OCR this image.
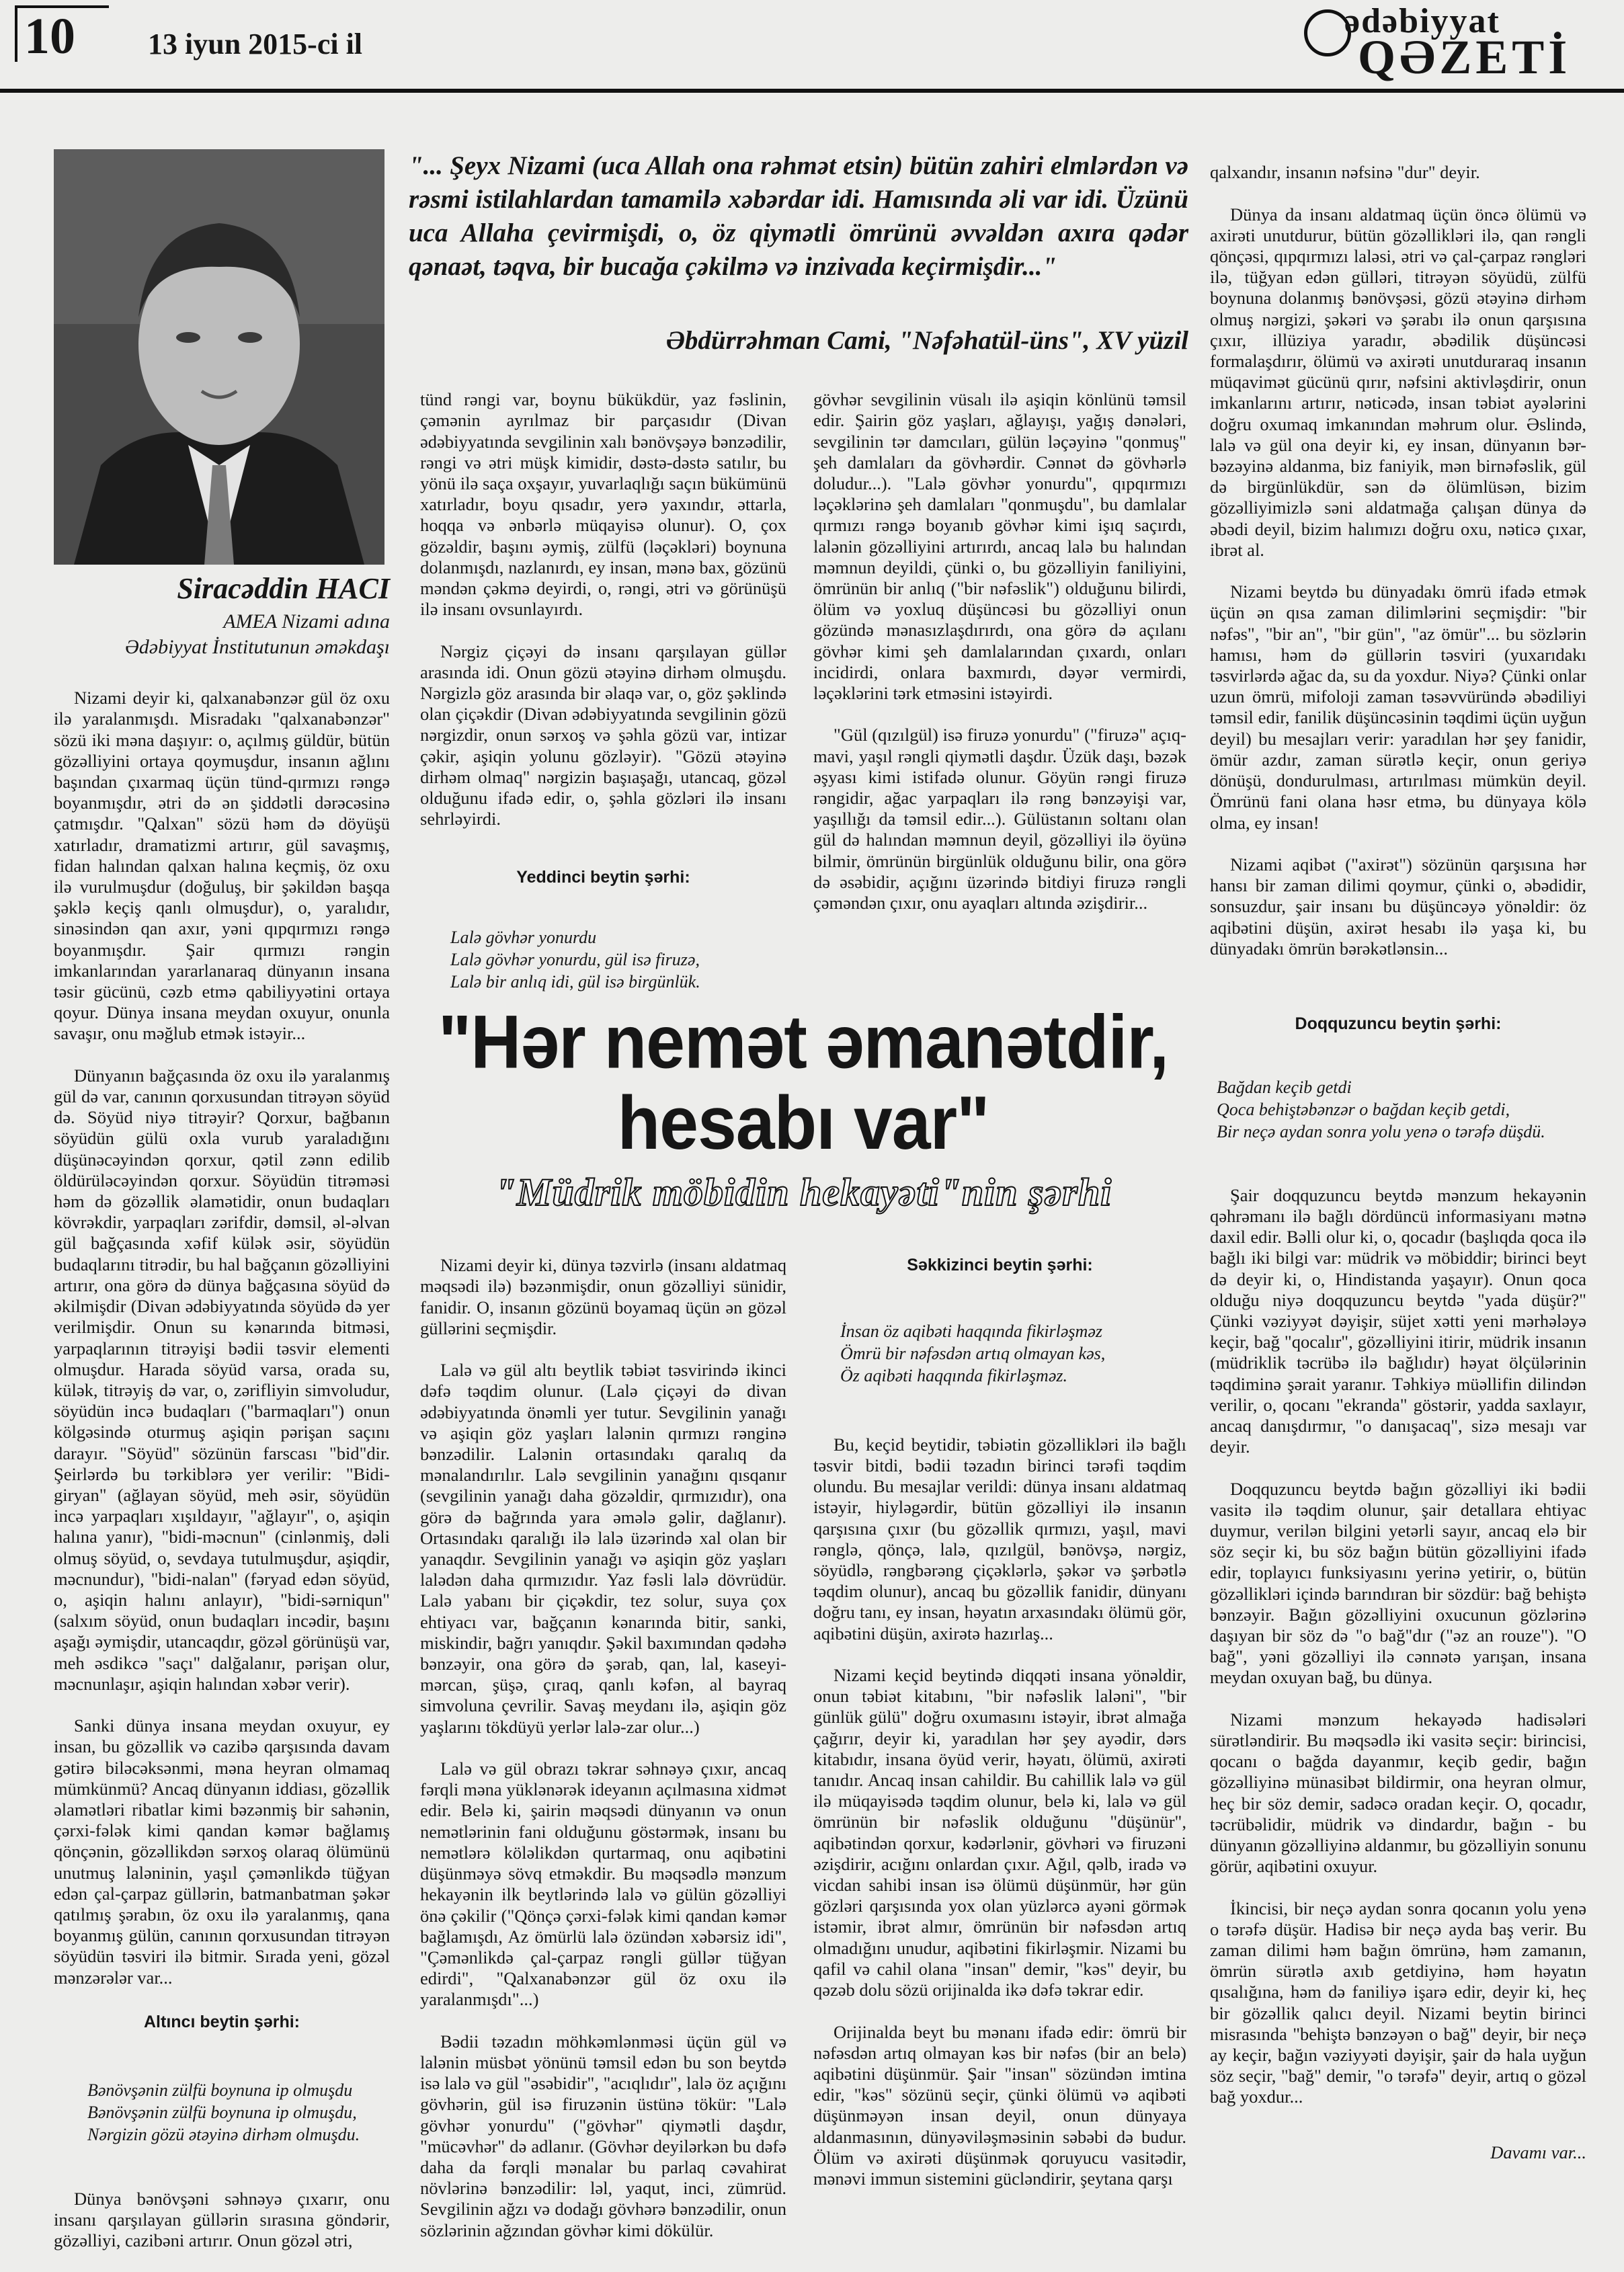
10	13 iyun 2015-ci il
ədəbiyyat
QƏZETİ
Siracəddin HACI
AMEA Nizami adına
Ədəbiyyat İnstitutunun əməkdaşı
"... Şeyx Nizami (uca Allah ona rəhmət etsin) bütün zahiri elmlərdən və rəsmi istilahlardan tamamilə xəbərdar idi. Hamısında əli var idi. Üzünü uca Allaha çevirmişdi, o, öz qiymətli ömrünü əvvəldən axıra qədər qənaət, təqva, bir bucağa çəkilmə və inzivada keçirmişdir..."
Əbdürrəhman Cami, "Nəfəhatül-üns", XV yüzil

Nizami deyir ki, qalxanabənzər gül öz oxu ilə yaralanmışdı. Misradakı "qalxanabənzər" sözü iki məna daşıyır: o, açılmış güldür, bütün gözəlliyini ortaya qoymuşdur, insanın ağlını başından çıxarmaq üçün tünd-qırmızı rəngə boyanmışdır, ətri də ən şiddətli dərəcəsinə çatmışdır. "Qalxan" sözü həm də döyüşü xatırladır, dramatizmi artırır, gül savaşmış, fidan halından qalxan halına keçmiş, öz oxu ilə vurulmuşdur (doğuluş, bir şəkildən başqa şəklə keçiş qanlı olmuşdur), o, yaralıdır, sinəsindən qan axır, yəni qıpqırmızı rəngə boyanmışdır. Şair qırmızı rəngin imkanlarından yararlanaraq dünyanın insana təsir gücünü, cəzb etmə qabiliyyətini ortaya qoyur. Dünya insana meydan oxuyur, onunla savaşır, onu məğlub etmək istəyir...

Dünyanın bağçasında öz oxu ilə yaralanmış gül də var, canının qorxusundan titrəyən söyüd də. Söyüd niyə titrəyir? Qorxur, bağbanın söyüdün gülü oxla vurub yaraladığını düşünəcəyindən qorxur, qətil zənn edilib öldürüləcəyindən qorxur. Söyüdün titrəməsi həm də gözəllik əlamətidir, onun budaqları kövrəkdir, yarpaqları zərifdir, dəmsil, əl-əlvan gül bağçasında xəfif külək əsir, söyüdün budaqlarını titrədir, bu hal bağçanın gözəlliyini artırır, ona görə də dünya bağçasına söyüd də əkilmişdir (Divan ədəbiyyatında söyüdə də yer verilmişdir. Onun su kənarında bitməsi, yarpaqlarının titrəyişi bədii təsvir elementi olmuşdur. Harada söyüd varsa, orada su, külək, titrəyiş də var, o, zərifliyin simvoludur, söyüdün incə budaqları ("barmaqları") onun kölgəsində oturmuş aşiqin pərişan saçını darayır. "Söyüd" sözünün farscası "bid"dir. Şeirlərdə bu tərkiblərə yer verilir: "Bidi-giryan" (ağlayan söyüd, meh əsir, söyüdün incə yarpaqları xışıldayır, "ağlayır", o, aşiqin halına yanır), "bidi-məcnun" (cinlənmiş, dəli olmuş söyüd, o, sevdaya tutulmuşdur, aşiqdir, məcnundur), "bidi-nalan" (fəryad edən söyüd, o, aşiqin halını anlayır), "bidi-sərniqun" (salxım söyüd, onun budaqları incədir, başını aşağı əymişdir, utancaqdır, gözəl görünüşü var, meh əsdikcə "saçı" dalğalanır, pərişan olur, məcnunlaşır, aşiqin halından xəbər verir).

Sanki dünya insana meydan oxuyur, ey insan, bu gözəllik və cazibə qarşısında davam gətirə biləcəksənmi, məna heyran olmamaq mümkünmü? Ancaq dünyanın iddiası, gözəllik əlamətləri ribatlar kimi bəzənmiş bir sahənin, çərxi-fələk kimi qandan kəmər bağlamış qönçənin, gözəllikdən sərxoş olaraq ölümünü unutmuş laləninin, yaşıl çəmənlikdə tüğyan edən çal-çarpaz güllərin, batmanbatman şəkər qatılmış şərabın, öz oxu ilə yaralanmış, qana boyanmış gülün, canının qorxusundan titrəyən söyüdün təsviri ilə bitmir. Sırada yeni, gözəl mənzərələr var...

Altıncı beytin şərhi:

Bənövşənin zülfü boynuna ip olmuşdu
Bənövşənin zülfü boynuna ip olmuşdu,
Nərgizin gözü ətəyinə dirhəm olmuşdu.

Dünya bənövşəni səhnəyə çıxarır, onu insanı qarşılayan güllərin sırasına göndərir, gözəlliyi, cazibəni artırır. Onun gözəl ətri,

tünd rəngi var, boynu bükükdür, yaz fəslinin, çəmənin ayrılmaz bir parçasıdır (Divan ədəbiyyatında sevgilinin xalı bənövşəyə bənzədilir, rəngi və ətri müşk kimidir, dəstə-dəstə satılır, bu yönü ilə saça oxşayır, yuvarlaqlığı saçın bükümünü xatırladır, boyu qısadır, yerə yaxındır, əttarla, hoqqa və ənbərlə müqayisə olunur). O, çox gözəldir, başını əymiş, zülfü (ləçəkləri) boynuna dolanmışdı, nazlanırdı, ey insan, mənə bax, gözünü məndən çəkmə deyirdi, o, rəngi, ətri və görünüşü ilə insanı ovsunlayırdı.

Nərgiz çiçəyi də insanı qarşılayan güllər arasında idi. Onun gözü ətəyinə dirhəm olmuşdu. Nərgizlə göz arasında bir əlaqə var, o, göz şəklində olan çiçəkdir (Divan ədəbiyyatında sevgilinin gözü nərgizdir, onun sərxoş və şəhla gözü var, intizar çəkir, aşiqin yolunu gözləyir). "Gözü ətəyinə dirhəm olmaq" nərgizin başıaşağı, utancaq, gözəl olduğunu ifadə edir, o, şəhla gözləri ilə insanı sehrləyirdi.

Yeddinci beytin şərhi:

Lalə gövhər yonurdu
Lalə gövhər yonurdu, gül isə firuzə,
Lalə bir anlıq idi, gül isə birgünlük.

gövhər sevgilinin vüsalı ilə aşiqin könlünü təmsil edir. Şairin göz yaşları, ağlayışı, yağış dənələri, sevgilinin tər damcıları, gülün ləçəyinə "qonmuş" şeh damlaları da gövhərdir. Cənnət də gövhərlə doludur...). "Lalə gövhər yonurdu", qıpqırmızı ləçəklərinə şeh damlaları "qonmuşdu", bu damlalar qırmızı rəngə boyanıb gövhər kimi işıq saçırdı, lalənin gözəlliyini artırırdı, ancaq lalə bu halından məmnun deyildi, çünki o, bu gözəlliyin faniliyini, ömrünün bir anlıq ("bir nəfəslik") olduğunu bilirdi, ölüm və yoxluq düşüncəsi bu gözəlliyi onun gözündə mənasızlaşdırırdı, ona görə də açılanı gövhər kimi şeh damlalarından çıxardı, onları incidirdi, onlara baxmırdı, dəyər vermirdi, ləçəklərini tərk etməsini istəyirdi.

"Gül (qızılgül) isə firuzə yonurdu" ("firuzə" açıq-mavi, yaşıl rəngli qiymətli daşdır. Üzük daşı, bəzək əşyası kimi istifadə olunur. Göyün rəngi firuzə rəngidir, ağac yarpaqları ilə rəng bənzəyişi var, yaşıllığı da təmsil edir...). Gülüstanın soltanı olan gül də halından məmnun deyil, gözəlliyi ilə öyünə bilmir, ömrünün birgünlük olduğunu bilir, ona görə də əsəbidir, açığını üzərində bitdiyi firuzə rəngli çəməndən çıxır, onu ayaqları altında əzişdirir...

"Hər nemət əmanətdir, hesabı var"
"Müdrik möbidin hekayəti"nin şərhi

Nizami deyir ki, dünya təzvirlə (insanı aldatmaq məqsədi ilə) bəzənmişdir, onun gözəlliyi sünidir, fanidir. O, insanın gözünü boyamaq üçün ən gözəl güllərini seçmişdir.

Lalə və gül altı beytlik təbiət təsvirində ikinci dəfə təqdim olunur. (Lalə çiçəyi də divan ədəbiyyatında önəmli yer tutur. Sevgilinin yanağı və aşiqin göz yaşları lalənin qırmızı rənginə bənzədilir. Lalənin ortasındakı qaralıq da mənalandırılır. Lalə sevgilinin yanağını qısqanır (sevgilinin yanağı daha gözəldir, qırmızıdır), ona görə də bağrında yara əmələ gəlir, dağlanır). Ortasındakı qaralığı ilə lalə üzərində xal olan bir yanaqdır. Sevgilinin yanağı və aşiqin göz yaşları lalədən daha qırmızıdır. Yaz fəsli lalə dövrüdür. Lalə yabanı bir çiçəkdir, tez solur, suya çox ehtiyacı var, bağçanın kənarında bitir, sanki, miskindir, bağrı yanıqdır. Şəkil baxımından qədəhə bənzəyir, ona görə də şərab, qan, lal, kaseyi-mərcan, şüşə, çıraq, qanlı kəfən, al bayraq simvoluna çevrilir. Savaş meydanı ilə, aşiqin göz yaşlarını tökdüyü yerlər lalə-zar olur...)

Lalə və gül obrazı təkrar səhnəyə çıxır, ancaq fərqli məna yüklənərək ideyanın açılmasına xidmət edir. Belə ki, şairin məqsədi dünyanın və onun nemətlərinin fani olduğunu göstərmək, insanı bu nemətlərə köləlikdən qurtarmaq, onu aqibətini düşünməyə sövq etməkdir. Bu məqsədlə mənzum hekayənin ilk beytlərində lalə və gülün gözəlliyi önə çəkilir ("Qönçə çərxi-fələk kimi qandan kəmər bağlamışdı, Az ömürlü lalə özündən xəbərsiz idi", "Çəmənlikdə çal-çarpaz rəngli güllər tüğyan edirdi", "Qalxanabənzər gül öz oxu ilə yaralanmışdı"...)

Bədii təzadın möhkəmlənməsi üçün gül və lalənin müsbət yönünü təmsil edən bu son beytdə isə lalə və gül "əsəbidir", "acıqlıdır", lalə öz açığını gövhərin, gül isə firuzənin üstünə tökür: "Lalə gövhər yonurdu" ("gövhər" qiymətli daşdır, "mücəvhər" də adlanır. (Gövhər deyilərkən bu dəfə daha da fərqli mənalar bu parlaq cəvahirat növlərinə bənzədilir: ləl, yaqut, inci, zümrüd. Sevgilinin ağzı və dodağı gövhərə bənzədilir, onun sözlərinin ağzından gövhər kimi dökülür.

Səkkizinci beytin şərhi:

İnsan öz aqibəti haqqında fikirləşməz
Ömrü bir nəfəsdən artıq olmayan kəs,
Öz aqibəti haqqında fikirləşməz.

Bu, keçid beytidir, təbiətin gözəllikləri ilə bağlı təsvir bitdi, bədii təzadın birinci tərəfi təqdim olundu. Bu mesajlar verildi: dünya insanı aldatmaq istəyir, hiyləgərdir, bütün gözəlliyi ilə insanın qarşısına çıxır (bu gözəllik qırmızı, yaşıl, mavi rənglə, qönçə, lalə, qızılgül, bənövşə, nərgiz, söyüdlə, rəngbərəng çiçəklərlə, şəkər və şərbətlə təqdim olunur), ancaq bu gözəllik fanidir, dünyanı doğru tanı, ey insan, həyatın arxasındakı ölümü gör, aqibətini düşün, axirətə hazırlaş...

Nizami keçid beytində diqqəti insana yönəldir, onun təbiət kitabını, "bir nəfəslik laləni", "bir günlük gülü" doğru oxumasını istəyir, ibrət almağa çağırır, deyir ki, yaradılan hər şey ayədir, dərs kitabıdır, insana öyüd verir, həyatı, ölümü, axirəti tanıdır. Ancaq insan cahildir. Bu cahillik lalə və gül ilə müqayisədə təqdim olunur, belə ki, lalə və gül ömrünün bir nəfəslik olduğunu "düşünür", aqibətindən qorxur, kədərlənir, gövhəri və firuzəni əzişdirir, acığını onlardan çıxır. Ağıl, qəlb, iradə və vicdan sahibi insan isə ölümü düşünmür, hər gün gözləri qarşısında yox olan yüzlərcə ayəni görmək istəmir, ibrət almır, ömrünün bir nəfəsdən artıq olmadığını unudur, aqibətini fikirləşmir. Nizami bu qafil və cahil olana "insan" demir, "kəs" deyir, bu qəzəb dolu sözü orijinalda ikə dəfə təkrar edir.

Orijinalda beyt bu mənanı ifadə edir: ömrü bir nəfəsdən artıq olmayan kəs bir nəfəs (bir an belə) aqibətini düşünmür. Şair "insan" sözündən imtina edir, "kəs" sözünü seçir, çünki ölümü və aqibəti düşünməyən insan deyil, onun dünyaya aldanmasının, dünyəviləşməsinin səbəbi də budur. Ölüm və axirəti düşünmək qoruyucu vasitədir, mənəvi immun sistemini gücləndirir, şeytana qarşı

qalxandır, insanın nəfsinə "dur" deyir.

Dünya da insanı aldatmaq üçün öncə ölümü və axirəti unutdurur, bütün gözəllikləri ilə, qan rəngli qönçəsi, qıpqırmızı laləsi, ətri və çal-çarpaz rəngləri ilə, tüğyan edən gülləri, titrəyən söyüdü, zülfü boynuna dolanmış bənövşəsi, gözü ətəyinə dirhəm olmuş nərgizi, şəkəri və şərabı ilə onun qarşısına çıxır, illüziya yaradır, əbədilik düşüncəsi formalaşdırır, ölümü və axirəti unutduraraq insanın müqavimət gücünü qırır, nəfsini aktivləşdirir, onun imkanlarını artırır, nəticədə, insan təbiət ayələrini doğru oxumaq imkanından məhrum olur. Əslində, lalə və gül ona deyir ki, ey insan, dünyanın bər-bəzəyinə aldanma, biz faniyik, mən birnəfəslik, gül də birgünlükdür, sən də ölümlüsən, bizim gözəlliyimizlə səni aldatmağa çalışan dünya də əbədi deyil, bizim halımızı doğru oxu, nəticə çıxar, ibrət al.

Nizami beytdə bu dünyadakı ömrü ifadə etmək üçün ən qısa zaman dilimlərini seçmişdir: "bir nəfəs", "bir an", "bir gün", "az ömür"... bu sözlərin hamısı, həm də güllərin təsviri (yuxarıdakı təsvirlərdə ağac da, su da yoxdur. Niyə? Çünki onlar uzun ömrü, mifoloji zaman təsəvvüründə əbədiliyi təmsil edir, fanilik düşüncəsinin təqdimi üçün uyğun deyil) bu mesajları verir: yaradılan hər şey fanidir, ömür azdır, zaman sürətlə keçir, onun geriyə dönüşü, dondurulması, artırılması mümkün deyil. Ömrünü fani olana həsr etmə, bu dünyaya kölə olma, ey insan!

Nizami aqibət ("axirət") sözünün qarşısına hər hansı bir zaman dilimi qoymur, çünki o, əbədidir, sonsuzdur, şair insanı bu düşüncəyə yönəldir: öz aqibətini düşün, axirət hesabı ilə yaşa ki, bu dünyadakı ömrün bərəkətlənsin...

Doqquzuncu beytin şərhi:

Bağdan keçib getdi
Qoca behiştəbənzər o bağdan keçib getdi,
Bir neçə aydan sonra yolu yenə o tərəfə düşdü.

Şair doqquzuncu beytdə mənzum hekayənin qəhrəmanı ilə bağlı dördüncü informasiyanı mətnə daxil edir. Bəlli olur ki, o, qocadır (başlıqda qoca ilə bağlı iki bilgi var: müdrik və möbiddir; birinci beyt də deyir ki, o, Hindistanda yaşayır). Onun qoca olduğu niyə doqquzuncu beytdə "yada düşür?" Çünki vəziyyət dəyişir, süjet xətti yeni mərhələyə keçir, bağ "qocalır", gözəlliyini itirir, müdrik insanın (müdriklik təcrübə ilə bağlıdır) həyat ölçülərinin təqdiminə şərait yaranır. Təhkiyə müəllifin dilindən verilir, o, qocanı "ekranda" göstərir, yadda saxlayır, ancaq danışdırmır, "o danışacaq", sizə mesajı var deyir.

Doqquzuncu beytdə bağın gözəlliyi iki bədii vasitə ilə təqdim olunur, şair detallara ehtiyac duymur, verilən bilgini yetərli sayır, ancaq elə bir söz seçir ki, bu söz bağın bütün gözəlliyini ifadə edir, toplayıcı funksiyasını yerinə yetirir, o, bütün gözəllikləri içində barındıran bir sözdür: bağ behiştə bənzəyir. Bağın gözəlliyini oxucunun gözlərinə daşıyan bir söz də "o bağ"dır ("əz an rouze"). "O bağ", yəni gözəlliyi ilə cənnətə yarışan, insana meydan oxuyan bağ, bu dünya.

Nizami mənzum hekayədə hadisələri sürətləndirir. Bu məqsədlə iki vasitə seçir: birincisi, qocanı o bağda dayanmır, keçib gedir, bağın gözəlliyinə münasibət bildirmir, ona heyran olmur, heç bir söz demir, sadəcə oradan keçir. O, qocadır, təcrübəlidir, müdrik və dindardır, bağın - bu dünyanın gözəlliyinə aldanmır, bu gözəlliyin sonunu görür, aqibətini oxuyur.

İkincisi, bir neçə aydan sonra qocanın yolu yenə o tərəfə düşür. Hadisə bir neçə ayda baş verir. Bu zaman dilimi həm bağın ömrünə, həm zamanın, ömrün sürətlə axıb getdiyinə, həm həyatın qısalığına, həm də faniliyə işarə edir, deyir ki, heç bir gözəllik qalıcı deyil. Nizami beytin birinci misrasında "behiştə bənzəyən o bağ" deyir, bir neçə ay keçir, bağın vəziyyəti dəyişir, şair də hala uyğun söz seçir, "bağ" demir, "o tərəfə" deyir, artıq o gözəl bağ yoxdur...

Davamı var...
